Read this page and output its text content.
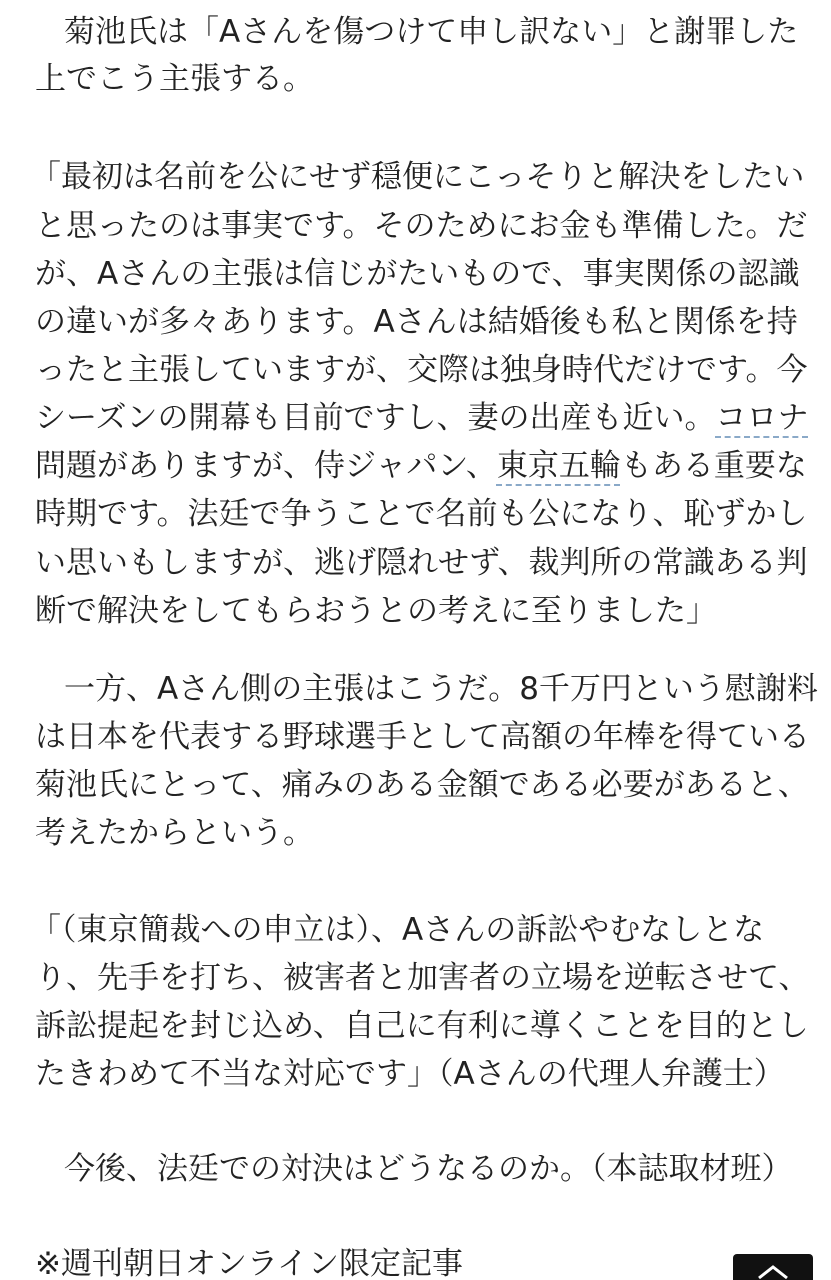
菊池氏は「Aさんを傷つけて申し訳ない」と謝罪した
上でこう主張する。
「最初は名前を公にせず穏便にこっそりと解決をしたい
と思ったのは事実です。そのためにお金も準備した。だ
が、Aさんの主張は信じがたいもので、事実関係の認識
の違いが多々あります。Aさんは結婚後も私と関係を持
ったと主張していますが、交際は独身時代だけです。今
シーズンの開幕も目前ですし、妻の出産も近い。コロナ
問題がありますが、侍ジャパン、東京五輪もある重要な
時期です。法廷で争うことで名前も公になり、恥ずかし
い思いもしますが、逃げ隠れせず、裁判所の常識ある判
断で解決をしてもらおうとの考えに至りました」
一方、Aさん側の主張はこうだ。8千万円という慰謝料
は日本を代表する野球選手として高額の年棒を得ている
菊池氏にとって、痛みのある金額である必要があると、
考えたからという。
「（東京簡裁への申立は）、Aさんの訴訟やむなしとな
り、先手を打ち、被害者と加害者の立場を逆転させて、
訴訟提起を封じ込め、自己に有利に導くことを目的とし
たきわめて不当な対応です」（Aさんの代理人弁護士）
今後、法廷での対決はどうなるのか。（本誌取材班）
※週刊朝日オンライン限定記事
